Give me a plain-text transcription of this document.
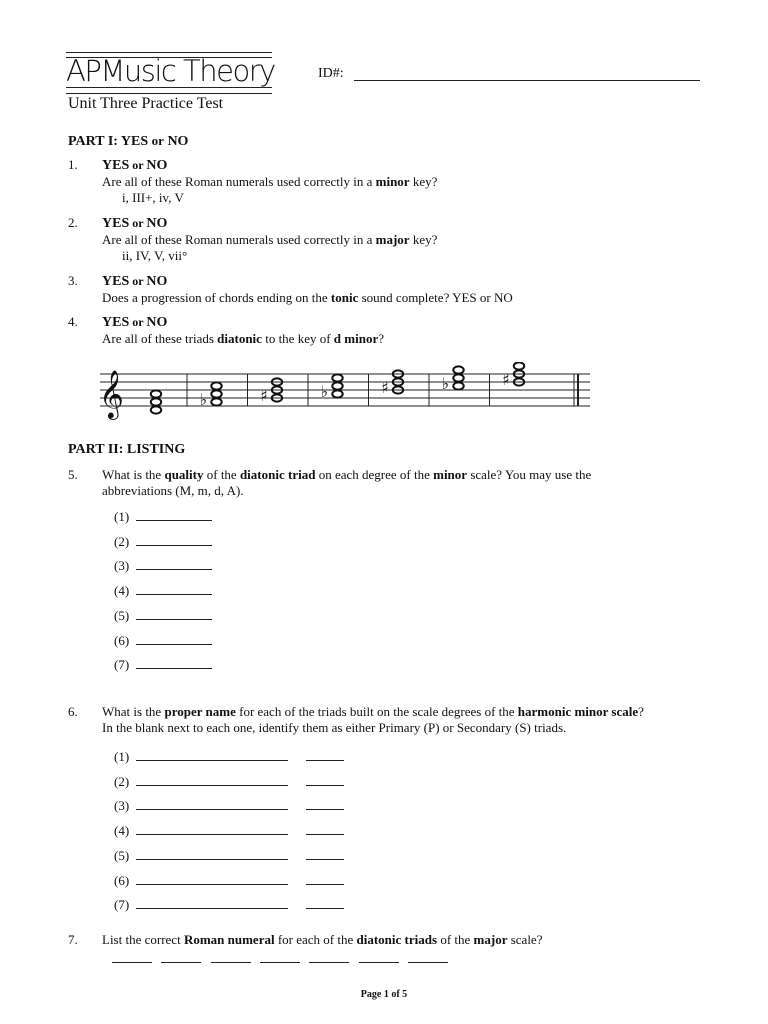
APMusic Theory	ID#:
Unit Three Practice Test
PART I: YES or NO
1. YES or NO
Are all of these Roman numerals used correctly in a minor key?
i, III+, iv, V
2. YES or NO
Are all of these Roman numerals used correctly in a major key?
ii, IV, V, vii°
3. YES or NO
Does a progression of chords ending on the tonic sound complete? YES or NO
4. YES or NO
Are all of these triads diatonic to the key of d minor?
𝄞	♭	♯	♭	♯	♭	♯
PART II: LISTING
5. What is the quality of the diatonic triad on each degree of the minor scale? You may use the
abbreviations (M, m, d, A).
(1)
(2)
(3)
(4)
(5)
(6)
(7)
6. What is the proper name for each of the triads built on the scale degrees of the harmonic minor scale?
In the blank next to each one, identify them as either Primary (P) or Secondary (S) triads.
(1)
(2)
(3)
(4)
(5)
(6)
(7)
7. List the correct Roman numeral for each of the diatonic triads of the major scale?
Page 1 of 5
